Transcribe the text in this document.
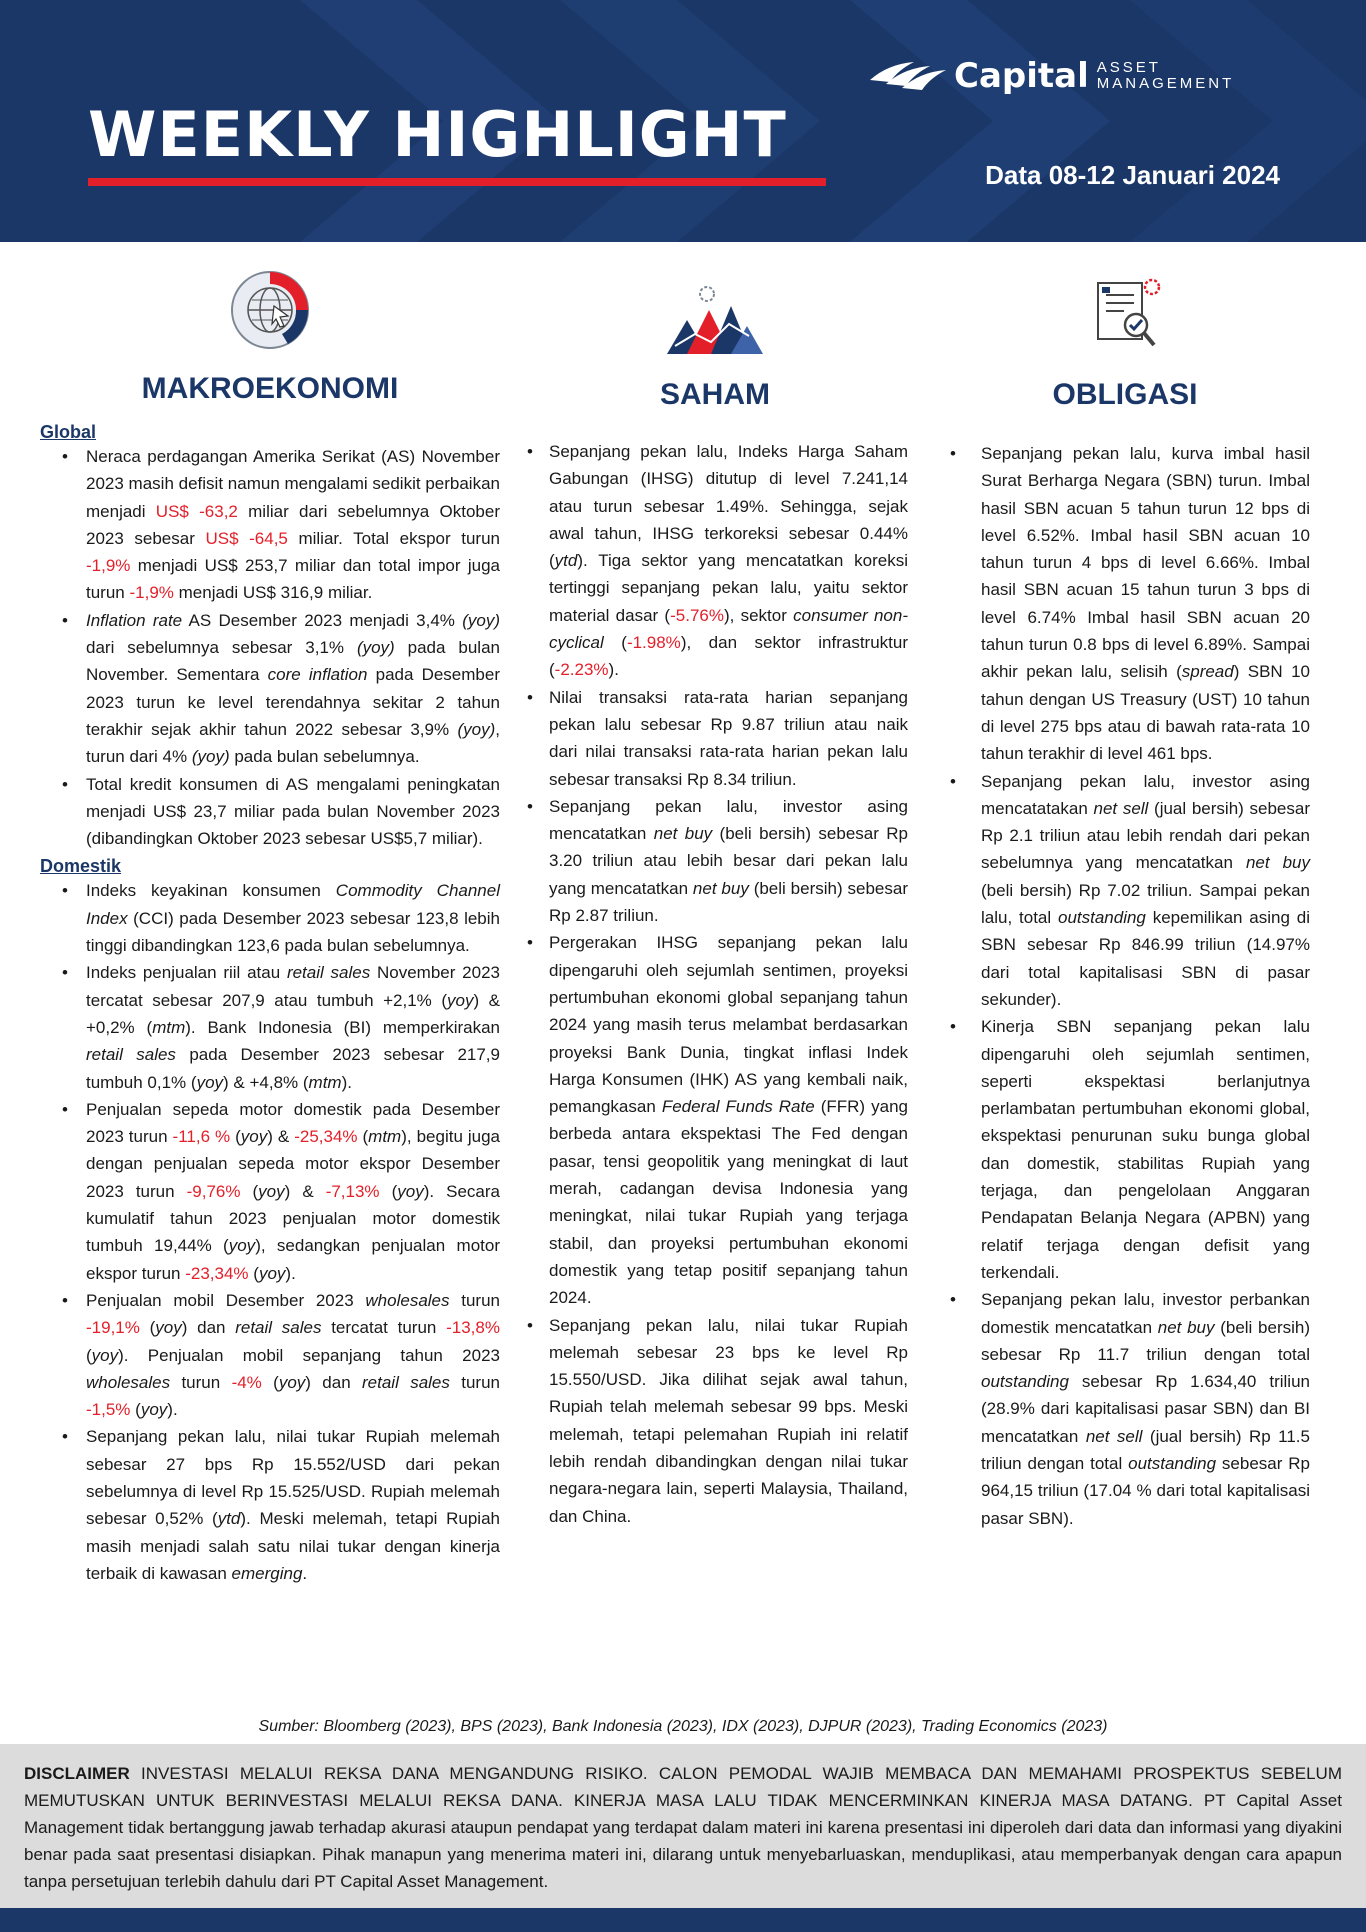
WEEKLY HIGHLIGHT
Capital ASSET
MANAGEMENT
Data 08-12 Januari 2024
MAKROEKONOMI
Global
• Neraca perdagangan Amerika Serikat (AS) November 2023 masih defisit namun mengalami sedikit perbaikan menjadi US$ -63,2 miliar dari sebelumnya Oktober 2023 sebesar US$ -64,5 miliar. Total ekspor turun -1,9% menjadi US$ 253,7 miliar dan total impor juga turun -1,9% menjadi US$ 316,9 miliar.
• Inflation rate AS Desember 2023 menjadi 3,4% (yoy) dari sebelumnya sebesar 3,1% (yoy) pada bulan November. Sementara core inflation pada Desember 2023 turun ke level terendahnya sekitar 2 tahun terakhir sejak akhir tahun 2022 sebesar 3,9% (yoy), turun dari 4% (yoy) pada bulan sebelumnya.
• Total kredit konsumen di AS mengalami peningkatan menjadi US$ 23,7 miliar pada bulan November 2023 (dibandingkan Oktober 2023 sebesar US$5,7 miliar).
Domestik
• Indeks keyakinan konsumen Commodity Channel Index (CCI) pada Desember 2023 sebesar 123,8 lebih tinggi dibandingkan 123,6 pada bulan sebelumnya.
• Indeks penjualan riil atau retail sales November 2023 tercatat sebesar 207,9 atau tumbuh +2,1% (yoy) & +0,2% (mtm). Bank Indonesia (BI) memperkirakan retail sales pada Desember 2023 sebesar 217,9 tumbuh 0,1% (yoy) & +4,8% (mtm).
• Penjualan sepeda motor domestik pada Desember 2023 turun -11,6 % (yoy) & -25,34% (mtm), begitu juga dengan penjualan sepeda motor ekspor Desember 2023 turun -9,76% (yoy) & -7,13% (yoy). Secara kumulatif tahun 2023 penjualan motor domestik tumbuh 19,44% (yoy), sedangkan penjualan motor ekspor turun -23,34% (yoy).
• Penjualan mobil Desember 2023 wholesales turun -19,1% (yoy) dan retail sales tercatat turun -13,8% (yoy). Penjualan mobil sepanjang tahun 2023 wholesales turun -4% (yoy) dan retail sales turun -1,5% (yoy).
• Sepanjang pekan lalu, nilai tukar Rupiah melemah sebesar 27 bps Rp 15.552/USD dari pekan sebelumnya di level Rp 15.525/USD. Rupiah melemah sebesar 0,52% (ytd). Meski melemah, tetapi Rupiah masih menjadi salah satu nilai tukar dengan kinerja terbaik di kawasan emerging.
SAHAM
• Sepanjang pekan lalu, Indeks Harga Saham Gabungan (IHSG) ditutup di level 7.241,14 atau turun sebesar 1.49%. Sehingga, sejak awal tahun, IHSG terkoreksi sebesar 0.44% (ytd). Tiga sektor yang mencatatkan koreksi tertinggi sepanjang pekan lalu, yaitu sektor material dasar (-5.76%), sektor consumer non-cyclical (-1.98%), dan sektor infrastruktur (-2.23%).
• Nilai transaksi rata-rata harian sepanjang pekan lalu sebesar Rp 9.87 triliun atau naik dari nilai transaksi rata-rata harian pekan lalu sebesar transaksi Rp 8.34 triliun.
• Sepanjang pekan lalu, investor asing mencatatkan net buy (beli bersih) sebesar Rp 3.20 triliun atau lebih besar dari pekan lalu yang mencatatkan net buy (beli bersih) sebesar Rp 2.87 triliun.
• Pergerakan IHSG sepanjang pekan lalu dipengaruhi oleh sejumlah sentimen, proyeksi pertumbuhan ekonomi global sepanjang tahun 2024 yang masih terus melambat berdasarkan proyeksi Bank Dunia, tingkat inflasi Indek Harga Konsumen (IHK) AS yang kembali naik, pemangkasan Federal Funds Rate (FFR) yang berbeda antara ekspektasi The Fed dengan pasar, tensi geopolitik yang meningkat di laut merah, cadangan devisa Indonesia yang meningkat, nilai tukar Rupiah yang terjaga stabil, dan proyeksi pertumbuhan ekonomi domestik yang tetap positif sepanjang tahun 2024.
• Sepanjang pekan lalu, nilai tukar Rupiah melemah sebesar 23 bps ke level Rp 15.550/USD. Jika dilihat sejak awal tahun, Rupiah telah melemah sebesar 99 bps. Meski melemah, tetapi pelemahan Rupiah ini relatif lebih rendah dibandingkan dengan nilai tukar negara-negara lain, seperti Malaysia, Thailand, dan China.
OBLIGASI
• Sepanjang pekan lalu, kurva imbal hasil Surat Berharga Negara (SBN) turun. Imbal hasil SBN acuan 5 tahun turun 12 bps di level 6.52%. Imbal hasil SBN acuan 10 tahun turun 4 bps di level 6.66%. Imbal hasil SBN acuan 15 tahun turun 3 bps di level 6.74% Imbal hasil SBN acuan 20 tahun turun 0.8 bps di level 6.89%. Sampai akhir pekan lalu, selisih (spread) SBN 10 tahun dengan US Treasury (UST) 10 tahun di level 275 bps atau di bawah rata-rata 10 tahun terakhir di level 461 bps.
• Sepanjang pekan lalu, investor asing mencatatakan net sell (jual bersih) sebesar Rp 2.1 triliun atau lebih rendah dari pekan sebelumnya yang mencatatkan net buy (beli bersih) Rp 7.02 triliun. Sampai pekan lalu, total outstanding kepemilikan asing di SBN sebesar Rp 846.99 triliun (14.97% dari total kapitalisasi SBN di pasar sekunder).
• Kinerja SBN sepanjang pekan lalu dipengaruhi oleh sejumlah sentimen, seperti ekspektasi berlanjutnya perlambatan pertumbuhan ekonomi global, ekspektasi penurunan suku bunga global dan domestik, stabilitas Rupiah yang terjaga, dan pengelolaan Anggaran Pendapatan Belanja Negara (APBN) yang relatif terjaga dengan defisit yang terkendali.
• Sepanjang pekan lalu, investor perbankan domestik mencatatkan net buy (beli bersih) sebesar Rp 11.7 triliun dengan total outstanding sebesar Rp 1.634,40 triliun (28.9% dari kapitalisasi pasar SBN) dan BI mencatatkan net sell (jual bersih) Rp 11.5 triliun dengan total outstanding sebesar Rp 964,15 triliun (17.04 % dari total kapitalisasi pasar SBN).
Sumber: Bloomberg (2023), BPS (2023), Bank Indonesia (2023), IDX (2023), DJPUR (2023), Trading Economics (2023)
DISCLAIMER INVESTASI MELALUI REKSA DANA MENGANDUNG RISIKO. CALON PEMODAL WAJIB MEMBACA DAN MEMAHAMI PROSPEKTUS SEBELUM MEMUTUSKAN UNTUK BERINVESTASI MELALUI REKSA DANA. KINERJA MASA LALU TIDAK MENCERMINKAN KINERJA MASA DATANG. PT Capital Asset Management tidak bertanggung jawab terhadap akurasi ataupun pendapat yang terdapat dalam materi ini karena presentasi ini diperoleh dari data dan informasi yang diyakini benar pada saat presentasi disiapkan. Pihak manapun yang menerima materi ini, dilarang untuk menyebarluaskan, menduplikasi, atau memperbanyak dengan cara apapun tanpa persetujuan terlebih dahulu dari PT Capital Asset Management.
